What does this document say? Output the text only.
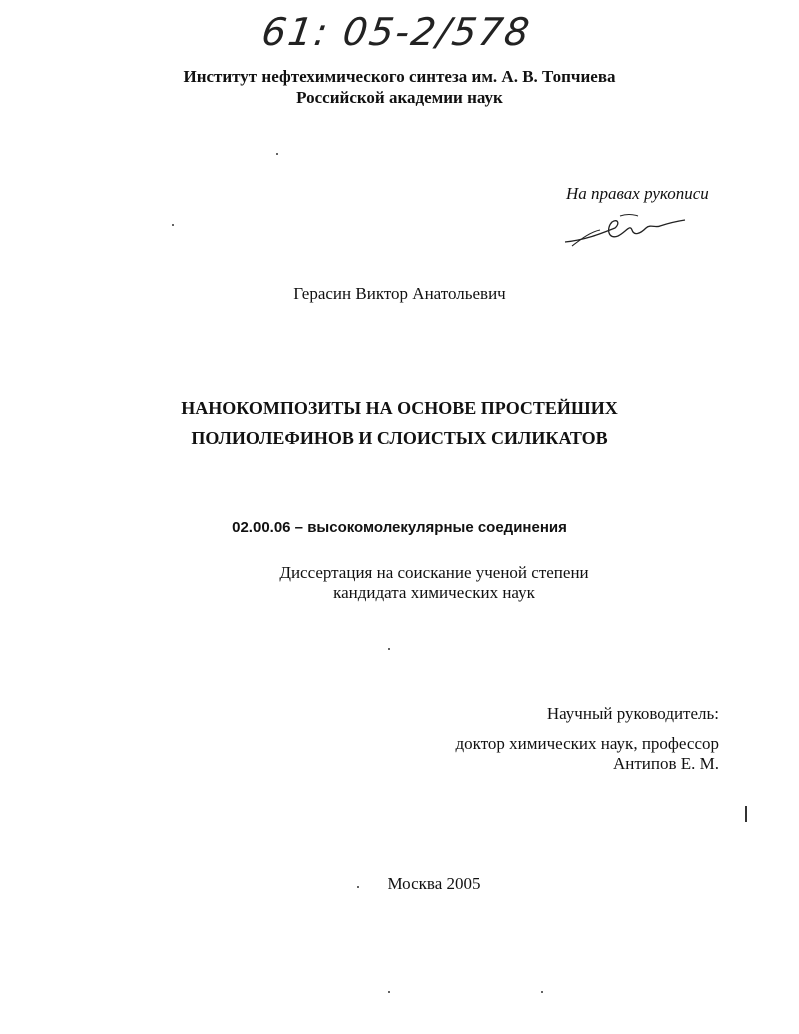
61: 05-2/578
Институт нефтехимического синтеза им. А. В. Топчиева
Российской академии наук
На правах рукописи
Герасин Виктор Анатольевич
НАНОКОМПОЗИТЫ НА ОСНОВЕ ПРОСТЕЙШИХ
ПОЛИОЛЕФИНОВ И СЛОИСТЫХ СИЛИКАТОВ
02.00.06 – высокомолекулярные соединения
Диссертация на соискание ученой степени
кандидата химических наук
Научный руководитель:
доктор химических наук, профессор
Антипов Е. М.
Москва 2005
